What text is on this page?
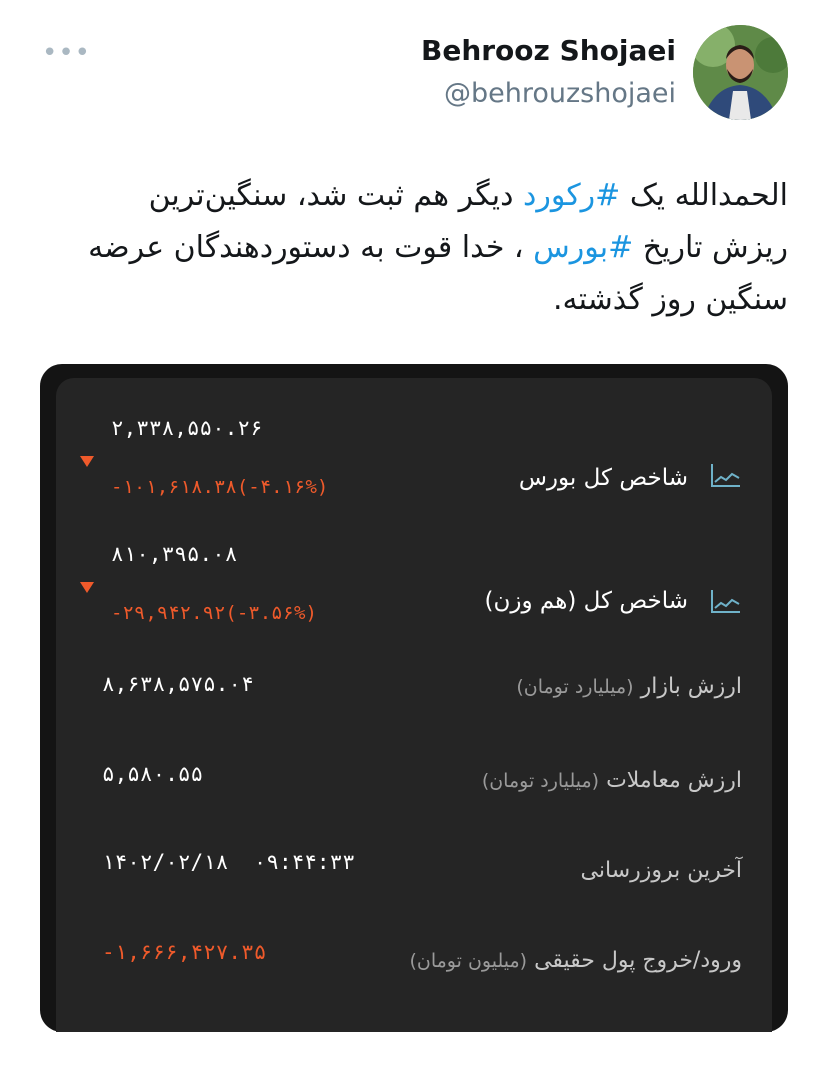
•••	Behrooz Shojaei
@behrouzshojaei
الحمدالله یک #رکورد دیگر هم ثبت شد، سنگین‌ترین ریزش تاریخ #بورس ، خدا قوت به دستوردهندگان عرضه سنگین روز گذشته.
شاخص کل بورس
۲,۳۳۸,۵۵۰.۲۶
-۱۰۱,۶۱۸.۳۸(-۴.۱۶%)
شاخص کل (هم وزن)
۸۱۰,۳۹۵.۰۸
-۲۹,۹۴۲.۹۲(-۳.۵۶%)
ارزش بازار (میلیارد تومان)
۸,۶۳۸,۵۷۵.۰۴
ارزش معاملات (میلیارد تومان)
۵,۵۸۰.۵۵
آخرین بروزرسانی
۱۴۰۲/۰۲/۱۸  ۰۹:۴۴:۳۳
ورود/خروج پول حقیقی (میلیون تومان)
-۱,۶۶۶,۴۲۷.۳۵
